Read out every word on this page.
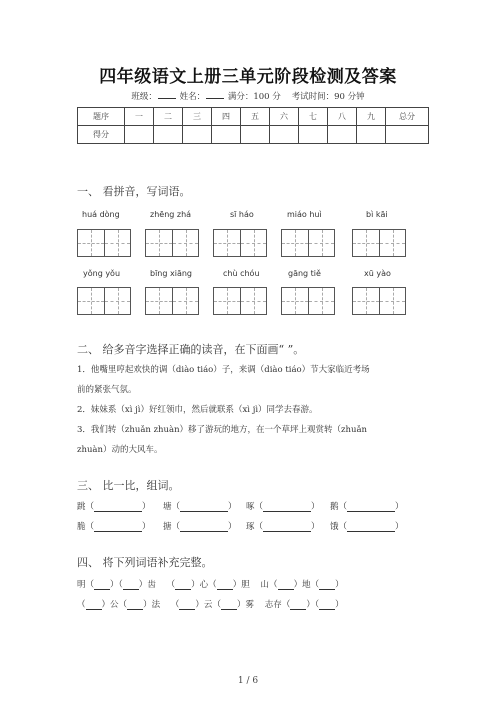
四年级语文上册三单元阶段检测及答案
班级：	姓名：	满分：100 分 考试时间：90 分钟
题序	一	二	三	四	五	六	七	八	九	总分
得分										
一、 看拼音，写词语。
huá dòng	zhēng zhá	sī háo	miáo huì	bì kāi
yǒng yǒu	bīng xiāng	chù chóu	gāng tiě	xū yào
二、 给多音字选择正确的读音，在下面画“ ”。
1．他嘴里哼起欢快的调（diào tiáo）子，来调（diào tiáo）节大家临近考场
前的紧张气氛。
2．妹妹系（xì jì）好红领巾，然后就联系（xì jì）同学去春游。
3．我们转（zhuǎn zhuàn）移了游玩的地方，在一个草坪上观赏转（zhuǎn
zhuàn）动的大风车。
三、 比一比，组词。
跳（	） 塘（	） 啄（	） 鹅（	）
脆（	） 搪（	） 琢（	） 饿（	）
四、 将下列词语补充完整。
明（ ）（ ）齿    （ ）心（ ）胆 山（ ）地（ ）
（ ）公（ ）法    （ ）云（ ）雾 志存（ ）（ ）
1 / 6
